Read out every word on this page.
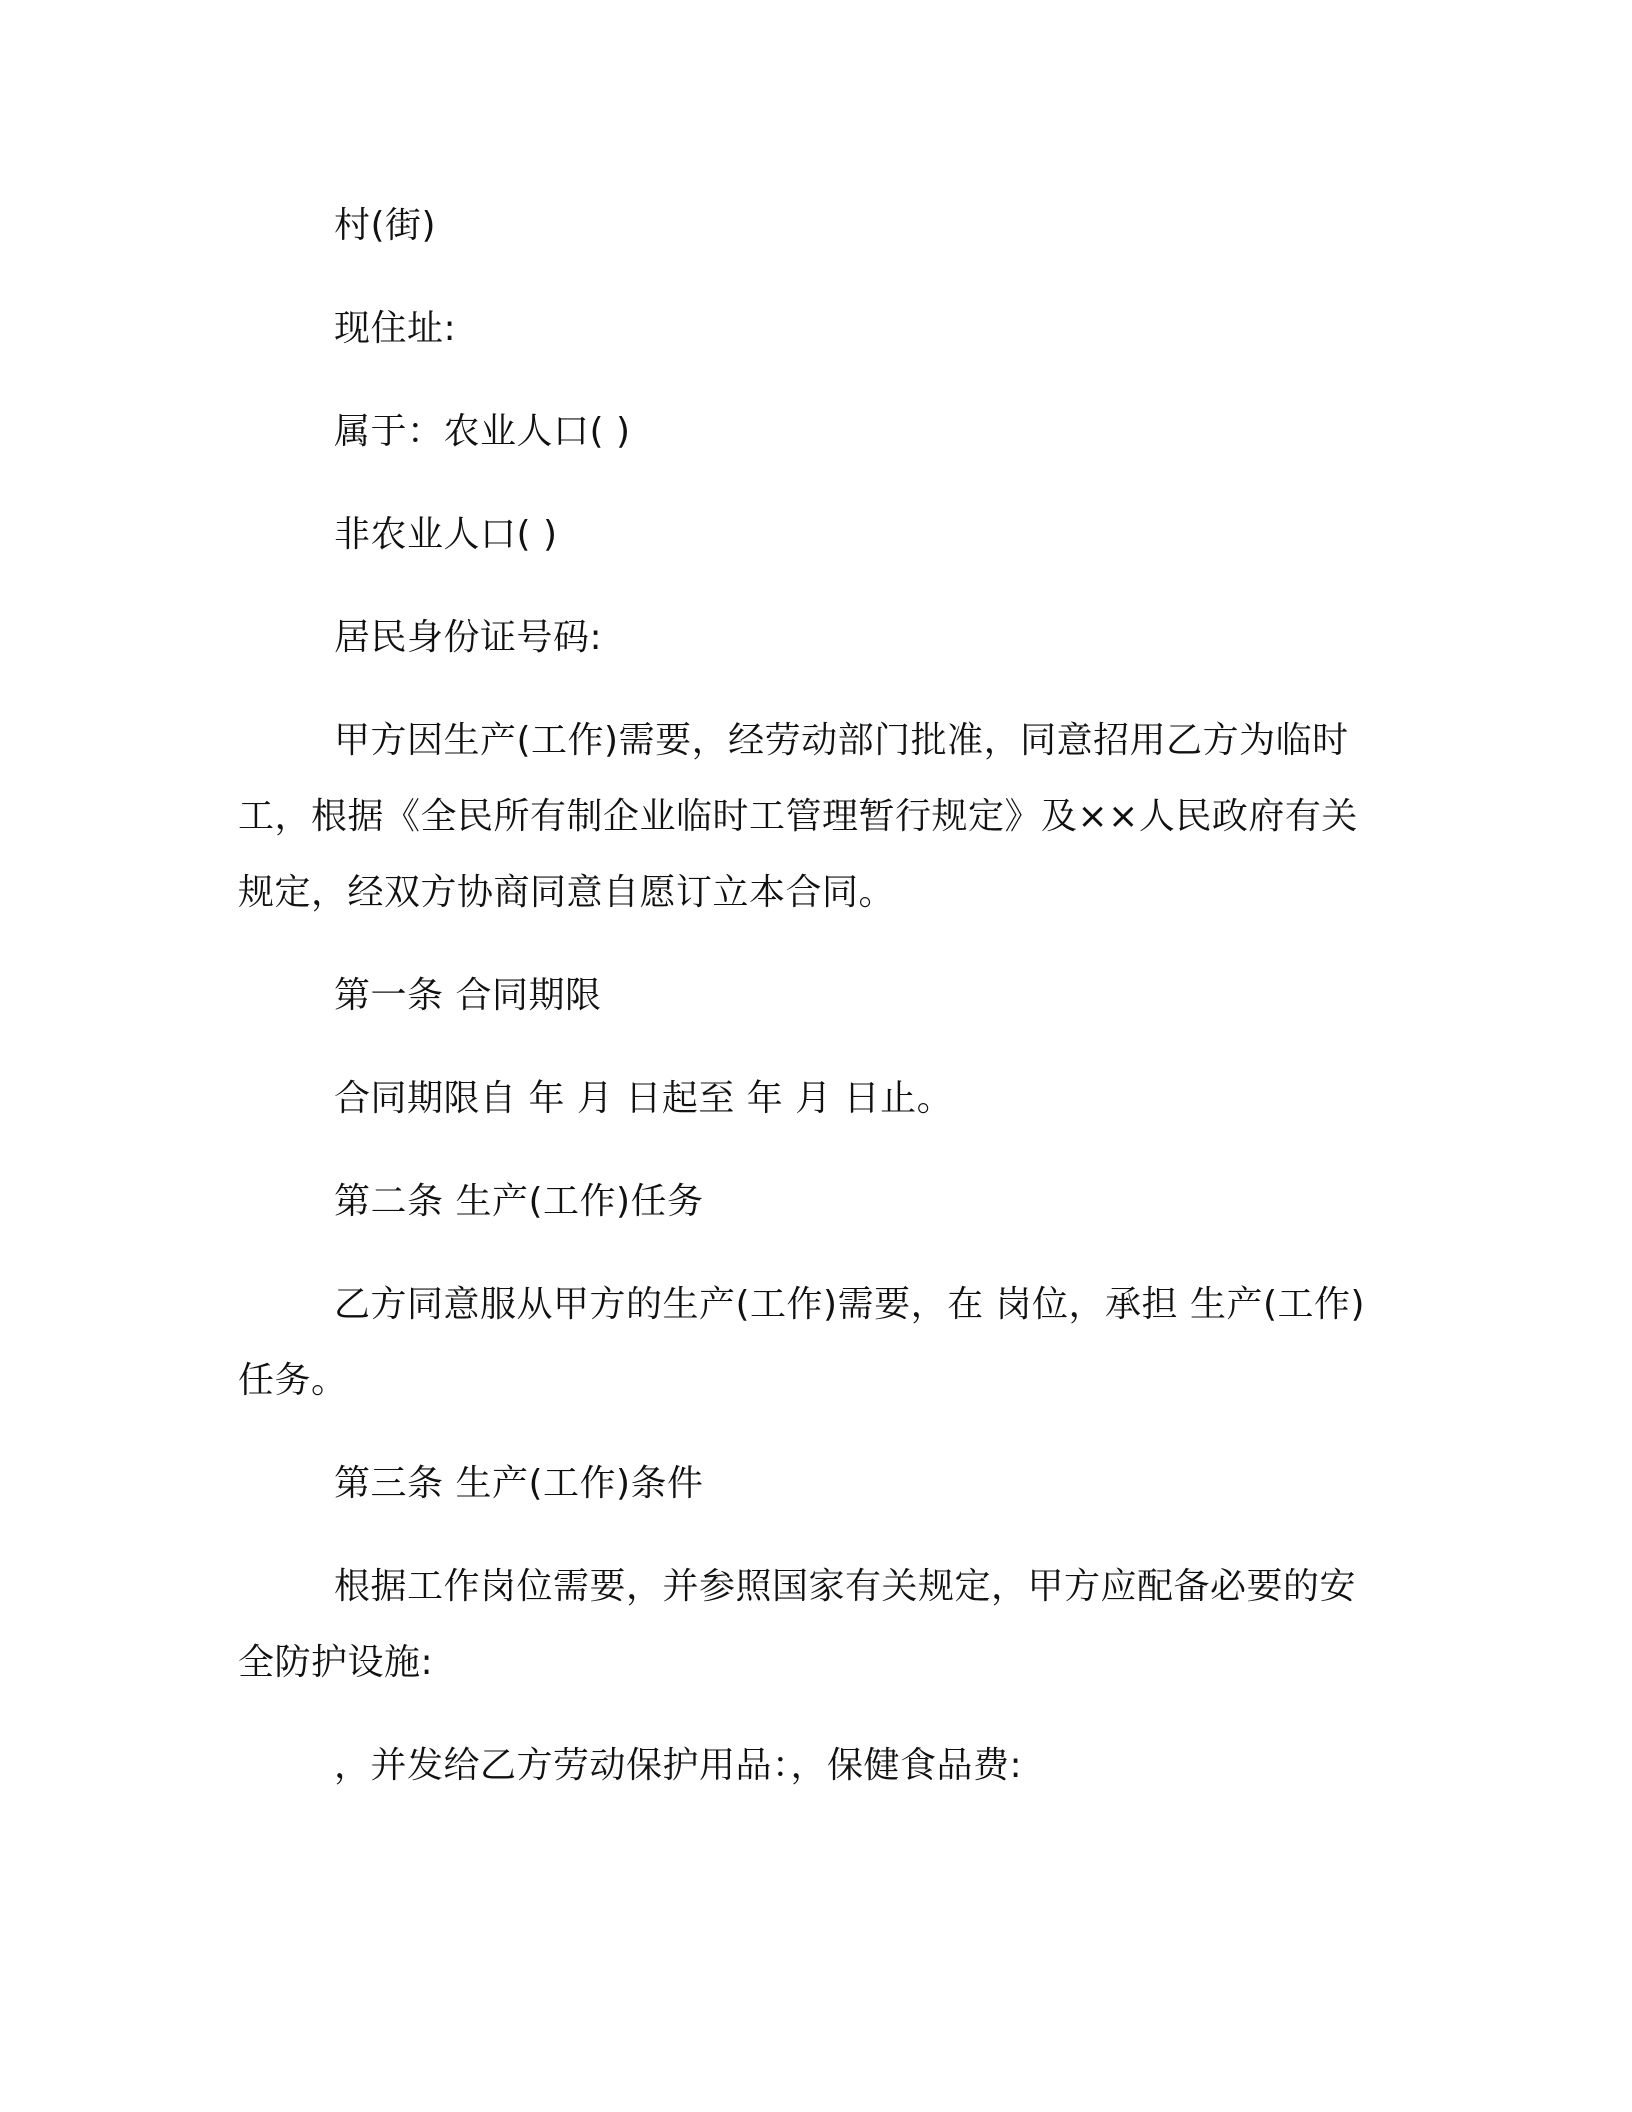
村(街)

现住址:

属于：农业人口( )

非农业人口( )

居民身份证号码:

甲方因生产(工作)需要，经劳动部门批准，同意招用乙方为临时工，根据《全民所有制企业临时工管理暂行规定》及××人民政府有关规定，经双方协商同意自愿订立本合同。

第一条 合同期限

合同期限自 年 月 日起至 年 月 日止。

第二条 生产(工作)任务

乙方同意服从甲方的生产(工作)需要，在 岗位，承担 生产(工作)任务。

第三条 生产(工作)条件

根据工作岗位需要，并参照国家有关规定，甲方应配备必要的安全防护设施:

，并发给乙方劳动保护用品：，保健食品费:
